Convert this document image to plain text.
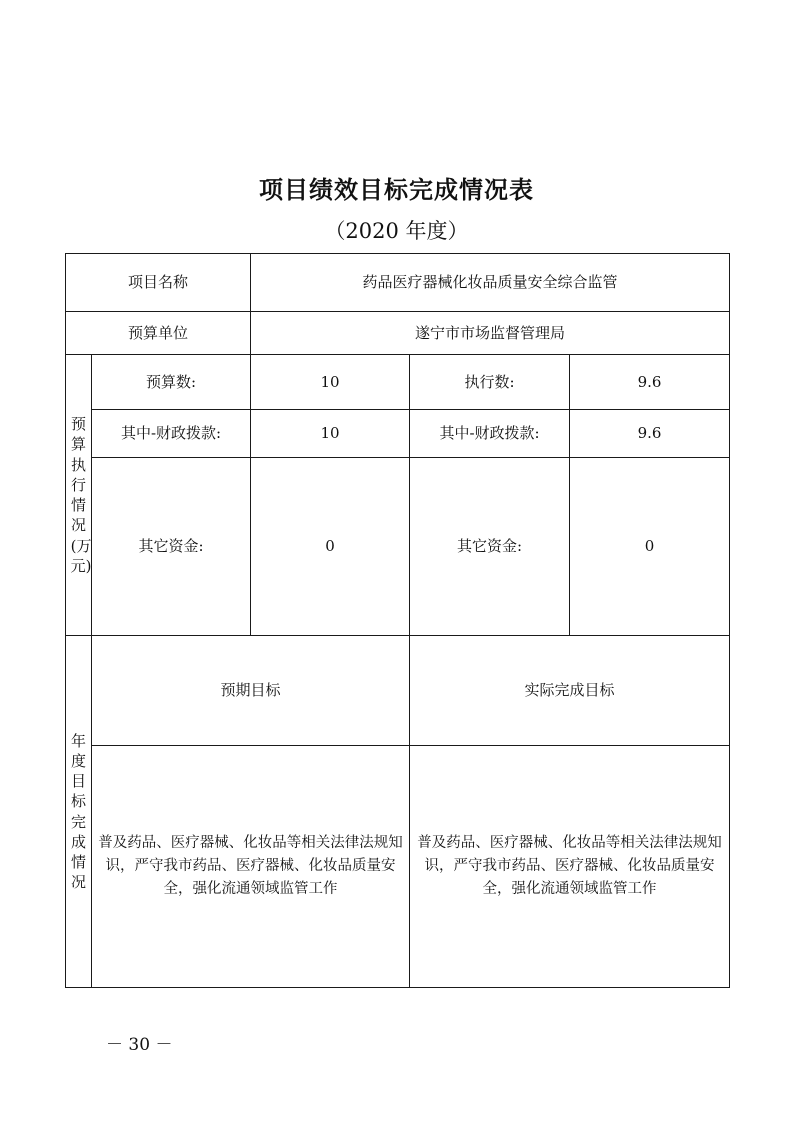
项目绩效目标完成情况表
（2020 年度）
项目名称		药品医疗器械化妆品质量安全综合监管		
预算单位		遂宁市市场监督管理局		
预算执行情况(万元)	预算数:	10	执行数:	9.6
	其中-财政拨款:	10	其中-财政拨款:	9.6
	其它资金:	0	其它资金:	0
年度目标完成情况	预期目标		实际完成目标	
	普及药品、医疗器械、化妆品等相关法律法规知识，严守我市药品、医疗器械、化妆品质量安全，强化流通领域监管工作		普及药品、医疗器械、化妆品等相关法律法规知识，严守我市药品、医疗器械、化妆品质量安全，强化流通领域监管工作	
－ 30 －
